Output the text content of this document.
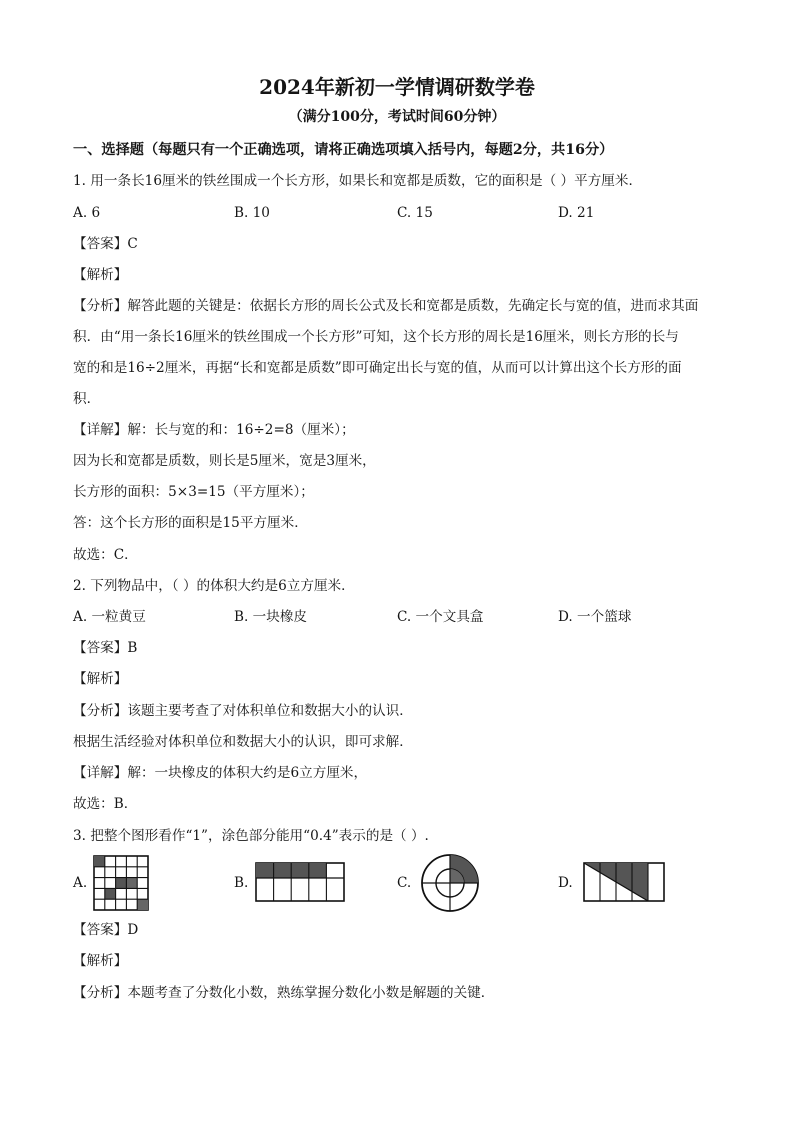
2024年新初一学情调研数学卷
（满分100分，考试时间60分钟）
一、选择题（每题只有一个正确选项，请将正确选项填入括号内，每题2分，共16分）
1. 用一条长16厘米的铁丝围成一个长方形，如果长和宽都是质数，它的面积是（ ）平方厘米．
A. 6	B. 10	C. 15	D. 21
【答案】C
【解析】
【分析】解答此题的关键是：依据长方形的周长公式及长和宽都是质数，先确定长与宽的值，进而求其面
积．由“用一条长16厘米的铁丝围成一个长方形”可知，这个长方形的周长是16厘米，则长方形的长与
宽的和是16÷2厘米，再据“长和宽都是质数”即可确定出长与宽的值，从而可以计算出这个长方形的面
积．
【详解】解：长与宽的和：16÷2=8（厘米）；
因为长和宽都是质数，则长是5厘米，宽是3厘米，
长方形的面积：5×3=15（平方厘米）；
答：这个长方形的面积是15平方厘米．
故选：C．
2. 下列物品中，（ ）的体积大约是6立方厘米．
A. 一粒黄豆	B. 一块橡皮	C. 一个文具盒	D. 一个篮球
【答案】B
【解析】
【分析】该题主要考查了对体积单位和数据大小的认识．
根据生活经验对体积单位和数据大小的认识，即可求解．
【详解】解：一块橡皮的体积大约是6立方厘米，
故选：B．
3. 把整个图形看作“1”，涂色部分能用“0.4”表示的是（ ）.
A.	B.	C.	D.
【答案】D
【解析】
【分析】本题考查了分数化小数，熟练掌握分数化小数是解题的关键．
